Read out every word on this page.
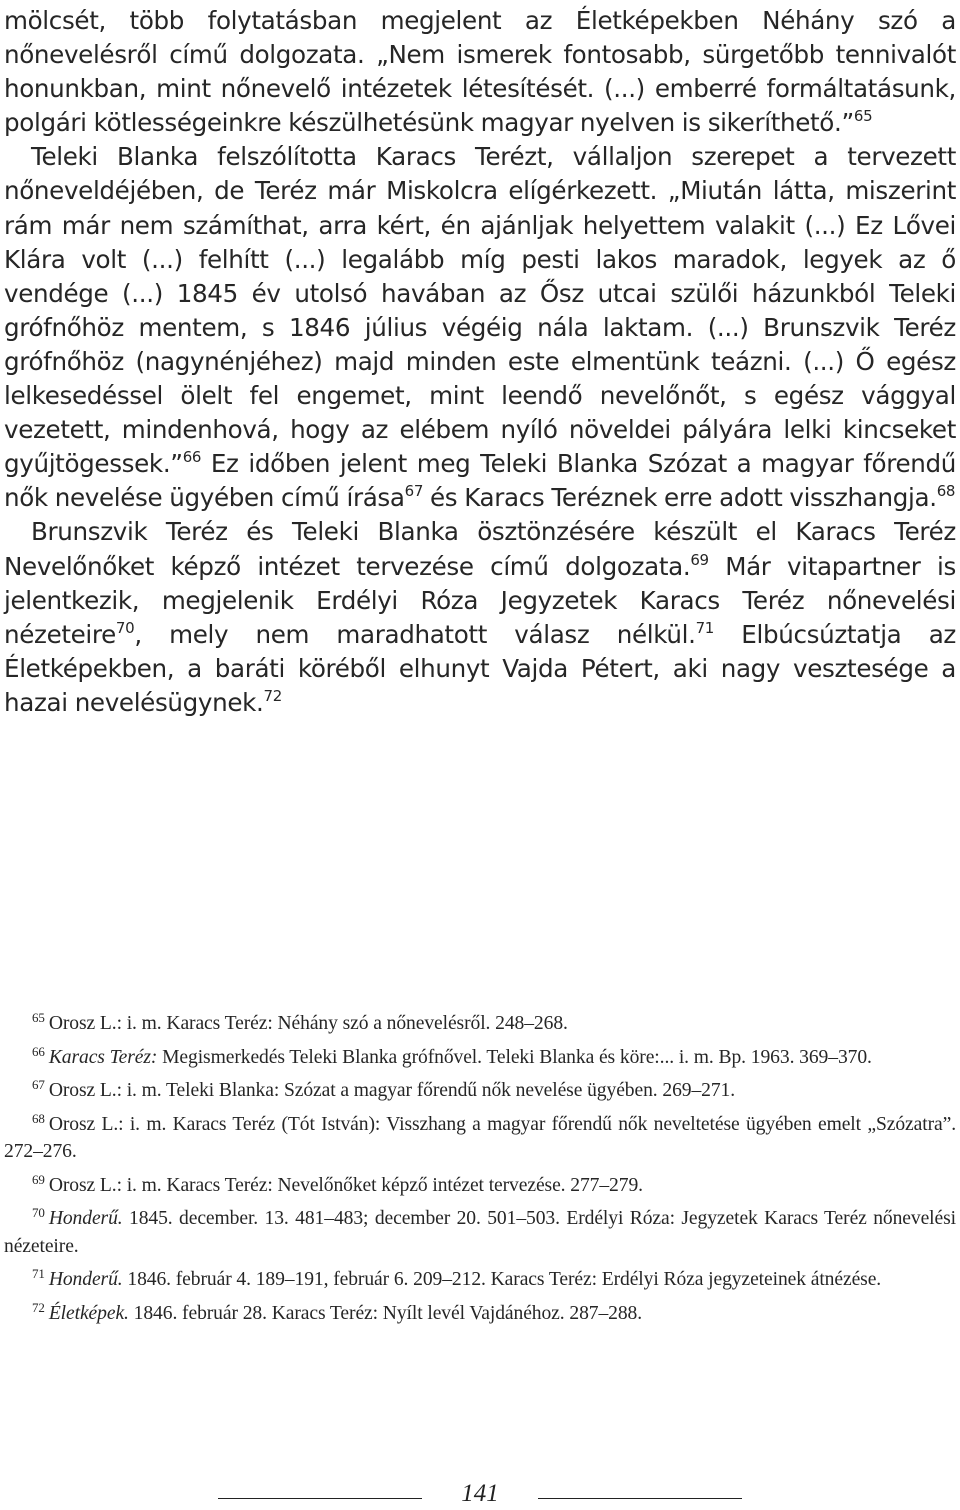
mölcsét, több folytatásban megjelent az Életképekben Néhány szó a nőnevelésről című dolgozata. „Nem ismerek fontosabb, sürgetőbb tennivalót honunkban, mint nőnevelő intézetek létesítését. (...) emberré formáltatásunk, polgári kötlességeinkre készülhetésünk magyar nyelven is sikeríthető.”$^{65}$

Teleki Blanka felszólította Karacs Terézt, vállaljon szerepet a tervezett nőneveldéjében, de Teréz már Miskolcra elígérkezett. „Miután látta, miszerint rám már nem számíthat, arra kért, én ajánljak helyettem valakit (...) Ez Lővei Klára volt (...) felhítt (...) legalább míg pesti lakos maradok, legyek az ő vendége (...) 1845 év utolsó havában az Ősz utcai szülői házunkból Teleki grófnőhöz mentem, s 1846 július végéig nála laktam. (...) Brunszvik Teréz grófnőhöz (nagynénjéhez) majd minden este elmentünk teázni. (...) Ő egész lelkesedéssel ölelt fel engemet, mint leendő nevelőnőt, s egész vággyal vezetett, mindenhová, hogy az elébem nyíló növeldei pályára lelki kincseket gyűjtögessek.”$^{66}$ Ez időben jelent meg Teleki Blanka Szózat a magyar főrendű nők nevelése ügyében című írása$^{67}$ és Karacs Teréznek erre adott visszhangja.$^{68}$

Brunszvik Teréz és Teleki Blanka ösztönzésére készült el Karacs Teréz Nevelőnőket képző intézet tervezése című dolgozata.$^{69}$ Már vitapartner is jelentkezik, megjelenik Erdélyi Róza Jegyzetek Karacs Teréz nőnevelési nézeteire$^{70}$, mely nem maradhatott válasz nélkül.$^{71}$ Elbúcsúztatja az Életképekben, a baráti köréből elhunyt Vajda Pétert, aki nagy vesztesége a hazai nevelésügynek.$^{72}$

$^{65}$ Orosz L.: i. m. Karacs Teréz: Néhány szó a nőnevelésről. 248–268.

$^{66}$ Karacs Teréz: Megismerkedés Teleki Blanka grófnővel. Teleki Blanka és köre:... i. m. Bp. 1963. 369–370.

$^{67}$ Orosz L.: i. m. Teleki Blanka: Szózat a magyar főrendű nők nevelése ügyében. 269–271.

$^{68}$ Orosz L.: i. m. Karacs Teréz (Tót István): Visszhang a magyar főrendű nők neveltetése ügyében emelt „Szózatra”. 272–276.

$^{69}$ Orosz L.: i. m. Karacs Teréz: Nevelőnőket képző intézet tervezése. 277–279.

$^{70}$ Honderű. 1845. december. 13. 481–483; december 20. 501–503. Erdélyi Róza: Jegyzetek Karacs Teréz nőnevelési nézeteire.

$^{71}$ Honderű. 1846. február 4. 189–191, február 6. 209–212. Karacs Teréz: Erdélyi Róza jegyzeteinek átnézése.

$^{72}$ Életképek. 1846. február 28. Karacs Teréz: Nyílt levél Vajdánéhoz. 287–288.

141
